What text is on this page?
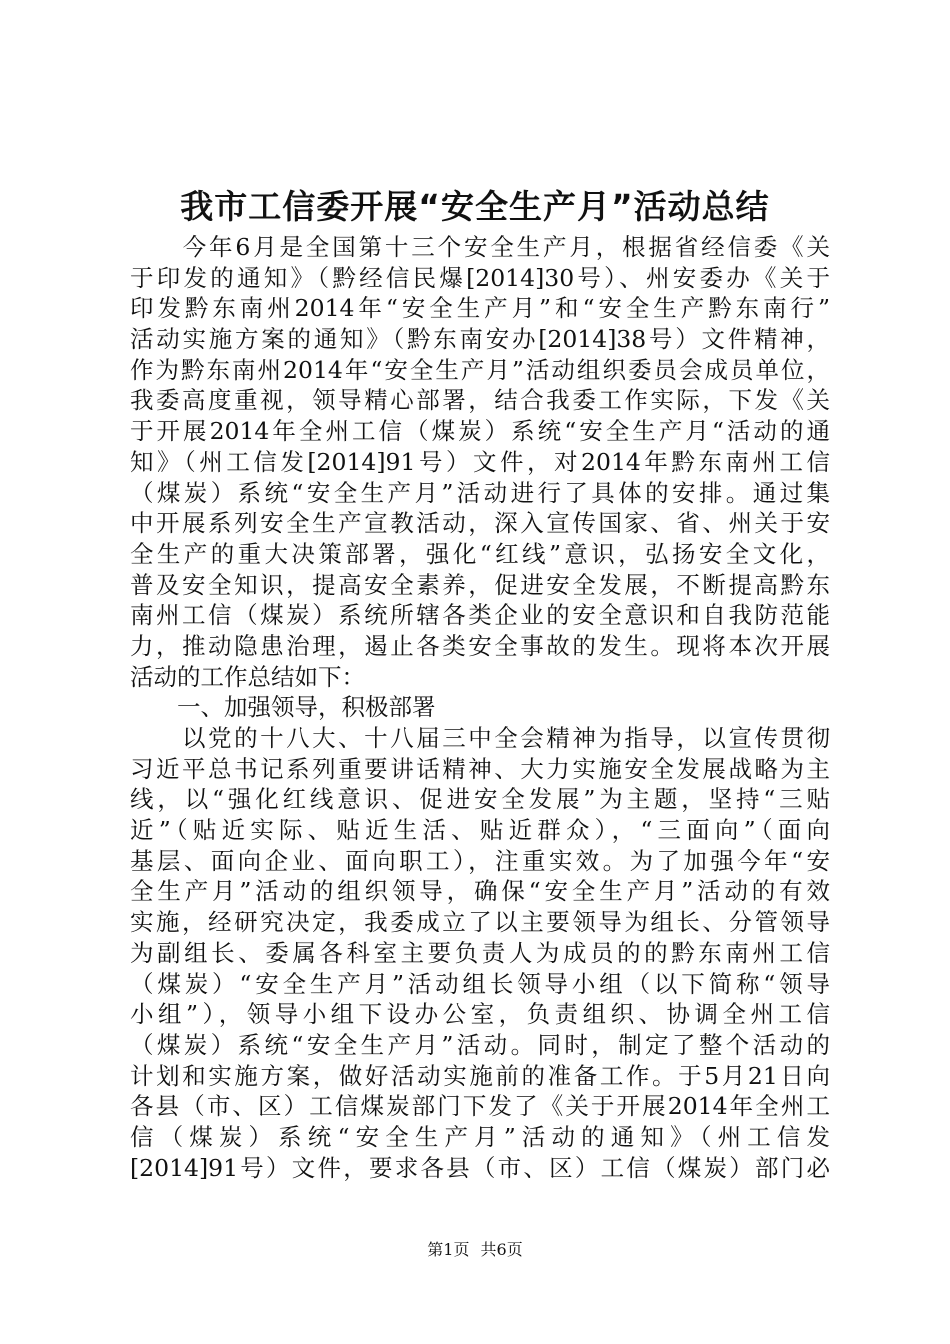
我市工信委开展“安全生产月”活动总结
　　今年6月是全国第十三个安全生产月，根据省经信委《关
于印发的通知》（黔经信民爆[2014]30号）、州安委办《关于
印发黔东南州2014年“安全生产月”和“安全生产黔东南行”
活动实施方案的通知》（黔东南安办[2014]38号）文件精神，
作为黔东南州2014年“安全生产月”活动组织委员会成员单位，
我委高度重视，领导精心部署，结合我委工作实际，下发《关
于开展2014年全州工信（煤炭）系统“安全生产月“活动的通
知》（州工信发[2014]91号）文件，对2014年黔东南州工信
（煤炭）系统“安全生产月”活动进行了具体的安排。通过集
中开展系列安全生产宣教活动，深入宣传国家、省、州关于安
全生产的重大决策部署，强化“红线”意识，弘扬安全文化，
普及安全知识，提高安全素养，促进安全发展，不断提高黔东
南州工信（煤炭）系统所辖各类企业的安全意识和自我防范能
力，推动隐患治理，遏止各类安全事故的发生。现将本次开展
活动的工作总结如下：
　　一、加强领导，积极部署
　　以党的十八大、十八届三中全会精神为指导，以宣传贯彻
习近平总书记系列重要讲话精神、大力实施安全发展战略为主
线，以“强化红线意识、促进安全发展”为主题，坚持“三贴
近”（贴近实际、贴近生活、贴近群众），“三面向”（面向
基层、面向企业、面向职工），注重实效。为了加强今年“安
全生产月”活动的组织领导，确保“安全生产月”活动的有效
实施，经研究决定，我委成立了以主要领导为组长、分管领导
为副组长、委属各科室主要负责人为成员的的黔东南州工信
（煤炭）“安全生产月”活动组长领导小组（以下简称“领导
小组”），领导小组下设办公室，负责组织、协调全州工信
（煤炭）系统“安全生产月”活动。同时，制定了整个活动的
计划和实施方案，做好活动实施前的准备工作。于5月21日向
各县（市、区）工信煤炭部门下发了《关于开展2014年全州工
信（煤炭）系统“安全生产月”活动的通知》（州工信发
[2014]91号）文件，要求各县（市、区）工信（煤炭）部门必
第1页 共6页
